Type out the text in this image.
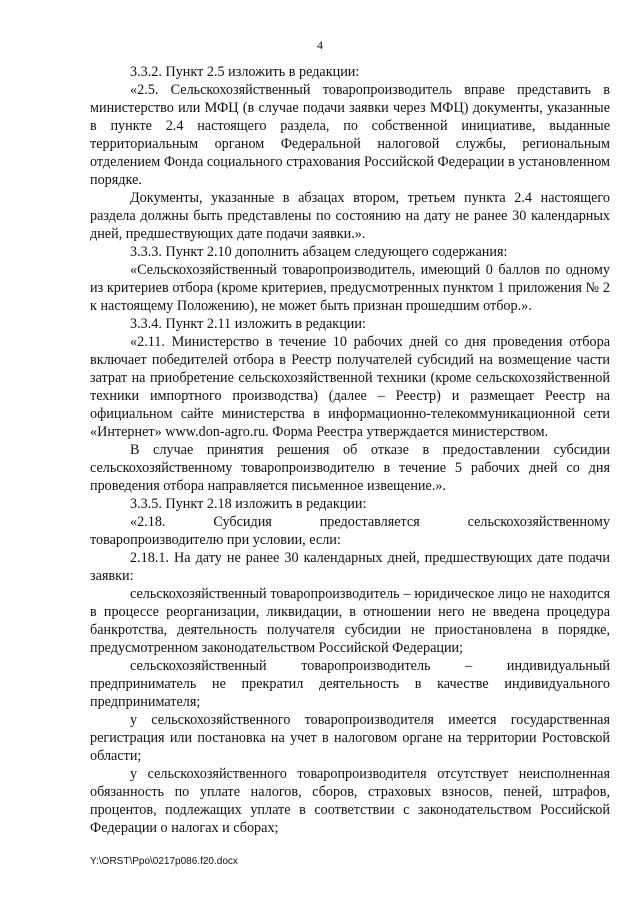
4

3.3.2. Пункт 2.5 изложить в редакции:

«2.5. Сельскохозяйственный товаропроизводитель вправе представить в министерство или МФЦ (в случае подачи заявки через МФЦ) документы, указанные в пункте 2.4 настоящего раздела, по собственной инициативе, выданные территориальным органом Федеральной налоговой службы, региональным отделением Фонда социального страхования Российской Федерации в установленном порядке.

Документы, указанные в абзацах втором, третьем пункта 2.4 настоящего раздела должны быть представлены по состоянию на дату не ранее 30 календарных дней, предшествующих дате подачи заявки.».

3.3.3. Пункт 2.10 дополнить абзацем следующего содержания:

«Сельскохозяйственный товаропроизводитель, имеющий 0 баллов по одному из критериев отбора (кроме критериев, предусмотренных пунктом 1 приложения № 2 к настоящему Положению), не может быть признан прошедшим отбор.».

3.3.4. Пункт 2.11 изложить в редакции:

«2.11. Министерство в течение 10 рабочих дней со дня проведения отбора включает победителей отбора в Реестр получателей субсидий на возмещение части затрат на приобретение сельскохозяйственной техники (кроме сельскохозяйственной техники импортного производства) (далее – Реестр) и размещает Реестр на официальном сайте министерства в информационно-телекоммуникационной сети «Интернет» www.don-agro.ru. Форма Реестра утверждается министерством.

В случае принятия решения об отказе в предоставлении субсидии сельскохозяйственному товаропроизводителю в течение 5 рабочих дней со дня проведения отбора направляется письменное извещение.».

3.3.5. Пункт 2.18 изложить в редакции:

«2.18. Субсидия предоставляется сельскохозяйственному товаропроизводителю при условии, если:

2.18.1. На дату не ранее 30 календарных дней, предшествующих дате подачи заявки:

сельскохозяйственный товаропроизводитель – юридическое лицо не находится в процессе реорганизации, ликвидации, в отношении него не введена процедура банкротства, деятельность получателя субсидии не приостановлена в порядке, предусмотренном законодательством Российской Федерации;

сельскохозяйственный товаропроизводитель – индивидуальный предприниматель не прекратил деятельность в качестве индивидуального предпринимателя;

у сельскохозяйственного товаропроизводителя имеется государственная регистрация или постановка на учет в налоговом органе на территории Ростовской области;

у сельскохозяйственного товаропроизводителя отсутствует неисполненная обязанность по уплате налогов, сборов, страховых взносов, пеней, штрафов, процентов, подлежащих уплате в соответствии с законодательством Российской Федерации о налогах и сборах;

Y:\ORST\Ppo\0217p086.f20.docx
